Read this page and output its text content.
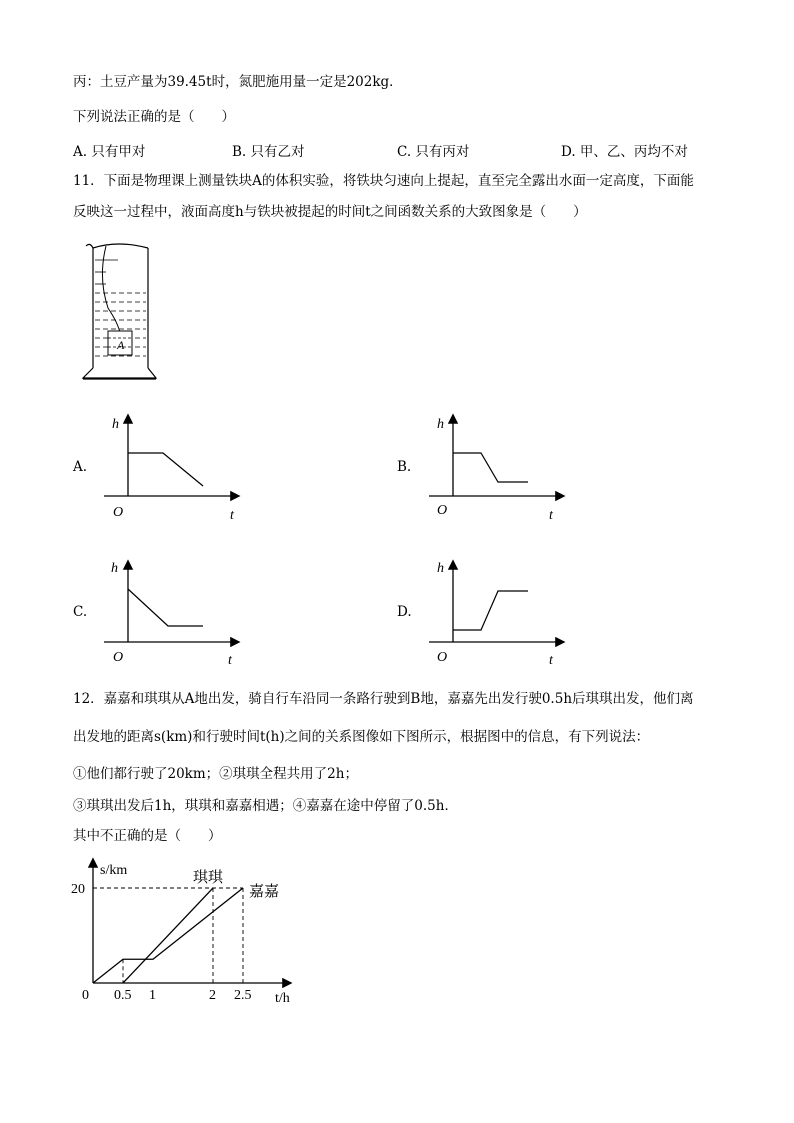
丙：土豆产量为39.45t时，氮肥施用量一定是202kg．
下列说法正确的是（　　）
A. 只有甲对	B. 只有乙对	C. 只有丙对	D. 甲、乙、丙均不对
11．下面是物理课上测量铁块A的体积实验，将铁块匀速向上提起，直至完全露出水面一定高度，下面能
反映这一过程中，液面高度h与铁块被提起的时间t之间函数关系的大致图象是（　　）
A
A.
h
t
O
B.
h
t
O
C.
h
t
O
D.
h
t
O
12．嘉嘉和琪琪从A地出发，骑自行车沿同一条路行驶到B地，嘉嘉先出发行驶0.5h后琪琪出发，他们离
出发地的距离s(km)和行驶时间t(h)之间的关系图像如下图所示，根据图中的信息，有下列说法：
①他们都行驶了20km；②琪琪全程共用了2h；
③琪琪出发后1h，琪琪和嘉嘉相遇；④嘉嘉在途中停留了0.5h．
其中不正确的是（　　）
s/km
t/h
0 0.5 1	2 2.5
20	嘉嘉
琪琪
